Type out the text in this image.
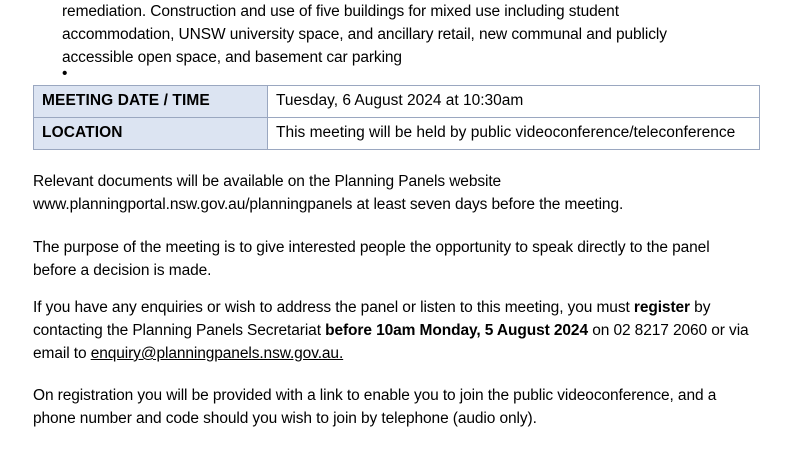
remediation. Construction and use of five buildings for mixed use including student
accommodation, UNSW university space, and ancillary retail, new communal and publicly
accessible open space, and basement car parking
•
MEETING DATE / TIME	Tuesday, 6 August 2024 at 10:30am
LOCATION	This meeting will be held by public videoconference/teleconference
Relevant documents will be available on the Planning Panels website
www.planningportal.nsw.gov.au/planningpanels at least seven days before the meeting.
The purpose of the meeting is to give interested people the opportunity to speak directly to the panel
before a decision is made.
If you have any enquiries or wish to address the panel or listen to this meeting, you must register by contacting the Planning Panels Secretariat before 10am Monday, 5 August 2024 on 02 8217 2060 or via email to enquiry@planningpanels.nsw.gov.au.
On registration you will be provided with a link to enable you to join the public videoconference, and a
phone number and code should you wish to join by telephone (audio only).
